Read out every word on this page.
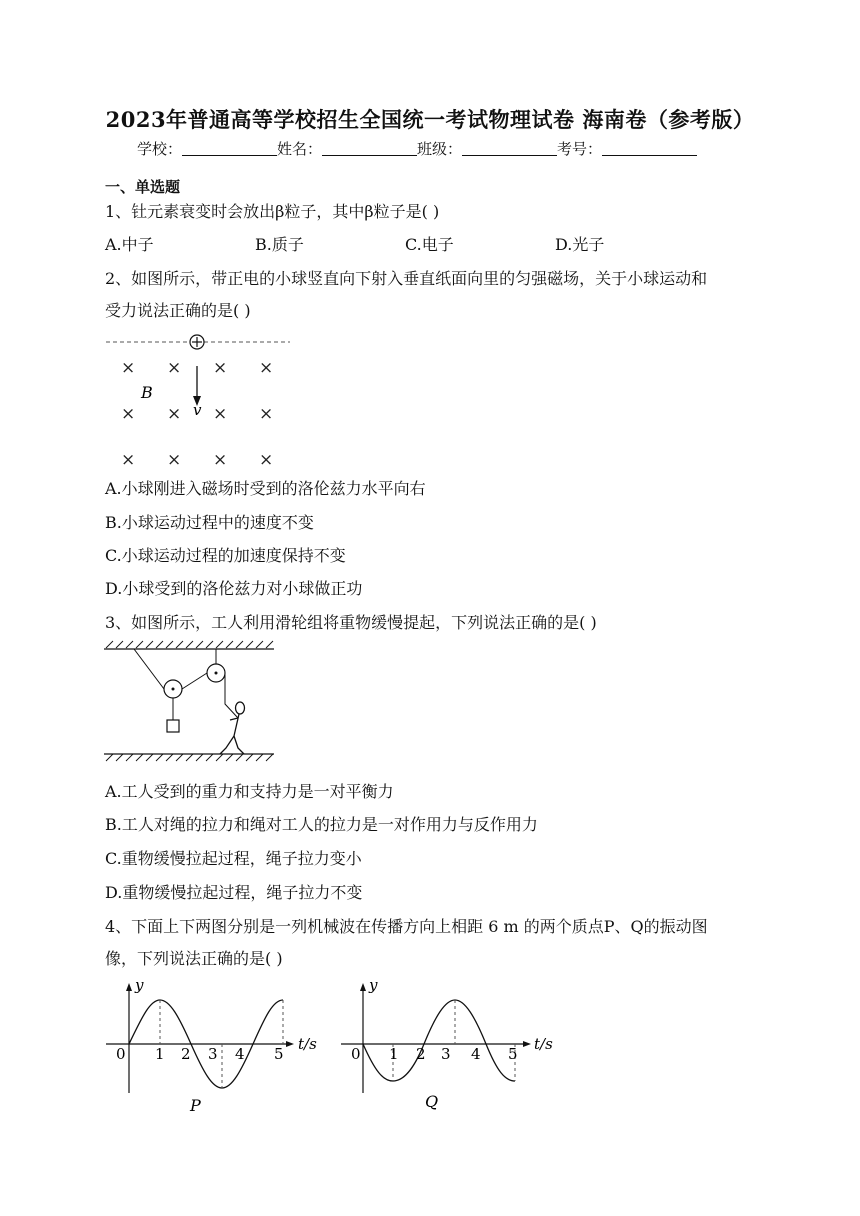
2023年普通高等学校招生全国统一考试物理试卷 海南卷（参考版）
学校：	姓名：	班级：	考号：
一、单选题
1、钍元素衰变时会放出β粒子，其中β粒子是( )
A.中子	B.质子	C.电子	D.光子
2、如图所示，带正电的小球竖直向下射入垂直纸面向里的匀强磁场，关于小球运动和
受力说法正确的是( )
× × × ×
× × × ×
× × × ×
B
v
A.小球刚进入磁场时受到的洛伦兹力水平向右
B.小球运动过程中的速度不变
C.小球运动过程的加速度保持不变
D.小球受到的洛伦兹力对小球做正功
3、如图所示，工人利用滑轮组将重物缓慢提起，下列说法正确的是( )
A.工人受到的重力和支持力是一对平衡力
B.工人对绳的拉力和绳对工人的拉力是一对作用力与反作用力
C.重物缓慢拉起过程，绳子拉力变小
D.重物缓慢拉起过程，绳子拉力不变
4、下面上下两图分别是一列机械波在传播方向上相距 6 m 的两个质点P、Q的振动图
像，下列说法正确的是( )
y
t/s
0 1 2 3 4 5
P
y
t/s
0 1 2 3 4 5
Q
